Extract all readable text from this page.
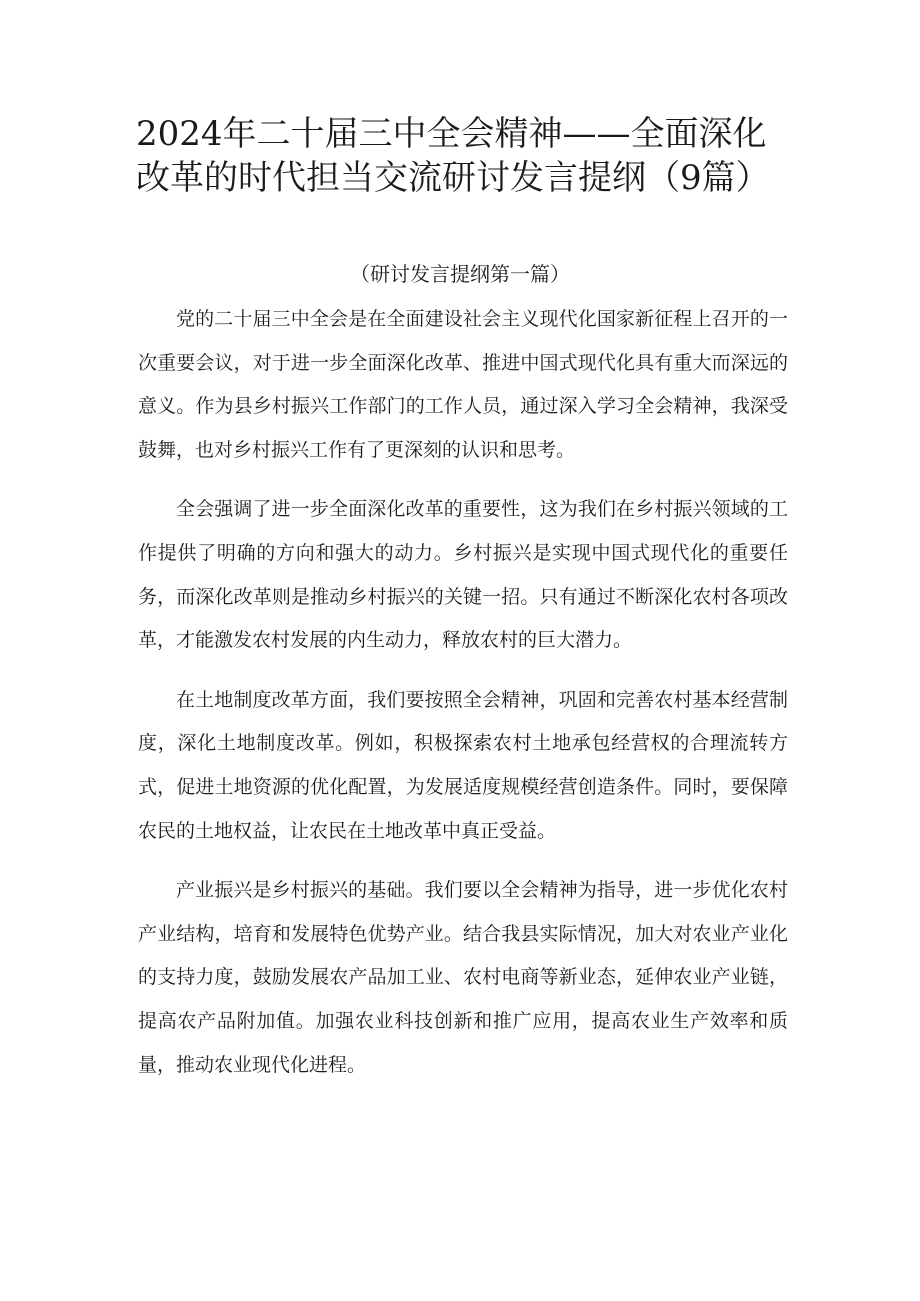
2024年二十届三中全会精神——全面深化改革的时代担当交流研讨发言提纲（9篇）
（研讨发言提纲第一篇）

党的二十届三中全会是在全面建设社会主义现代化国家新征程上召开的一次重要会议，对于进一步全面深化改革、推进中国式现代化具有重大而深远的意义。作为县乡村振兴工作部门的工作人员，通过深入学习全会精神，我深受鼓舞，也对乡村振兴工作有了更深刻的认识和思考。

全会强调了进一步全面深化改革的重要性，这为我们在乡村振兴领域的工作提供了明确的方向和强大的动力。乡村振兴是实现中国式现代化的重要任务，而深化改革则是推动乡村振兴的关键一招。只有通过不断深化农村各项改革，才能激发农村发展的内生动力，释放农村的巨大潜力。

在土地制度改革方面，我们要按照全会精神，巩固和完善农村基本经营制度，深化土地制度改革。例如，积极探索农村土地承包经营权的合理流转方式，促进土地资源的优化配置，为发展适度规模经营创造条件。同时，要保障农民的土地权益，让农民在土地改革中真正受益。

产业振兴是乡村振兴的基础。我们要以全会精神为指导，进一步优化农村产业结构，培育和发展特色优势产业。结合我县实际情况，加大对农业产业化的支持力度，鼓励发展农产品加工业、农村电商等新业态，延伸农业产业链，提高农产品附加值。加强农业科技创新和推广应用，提高农业生产效率和质量，推动农业现代化进程。
